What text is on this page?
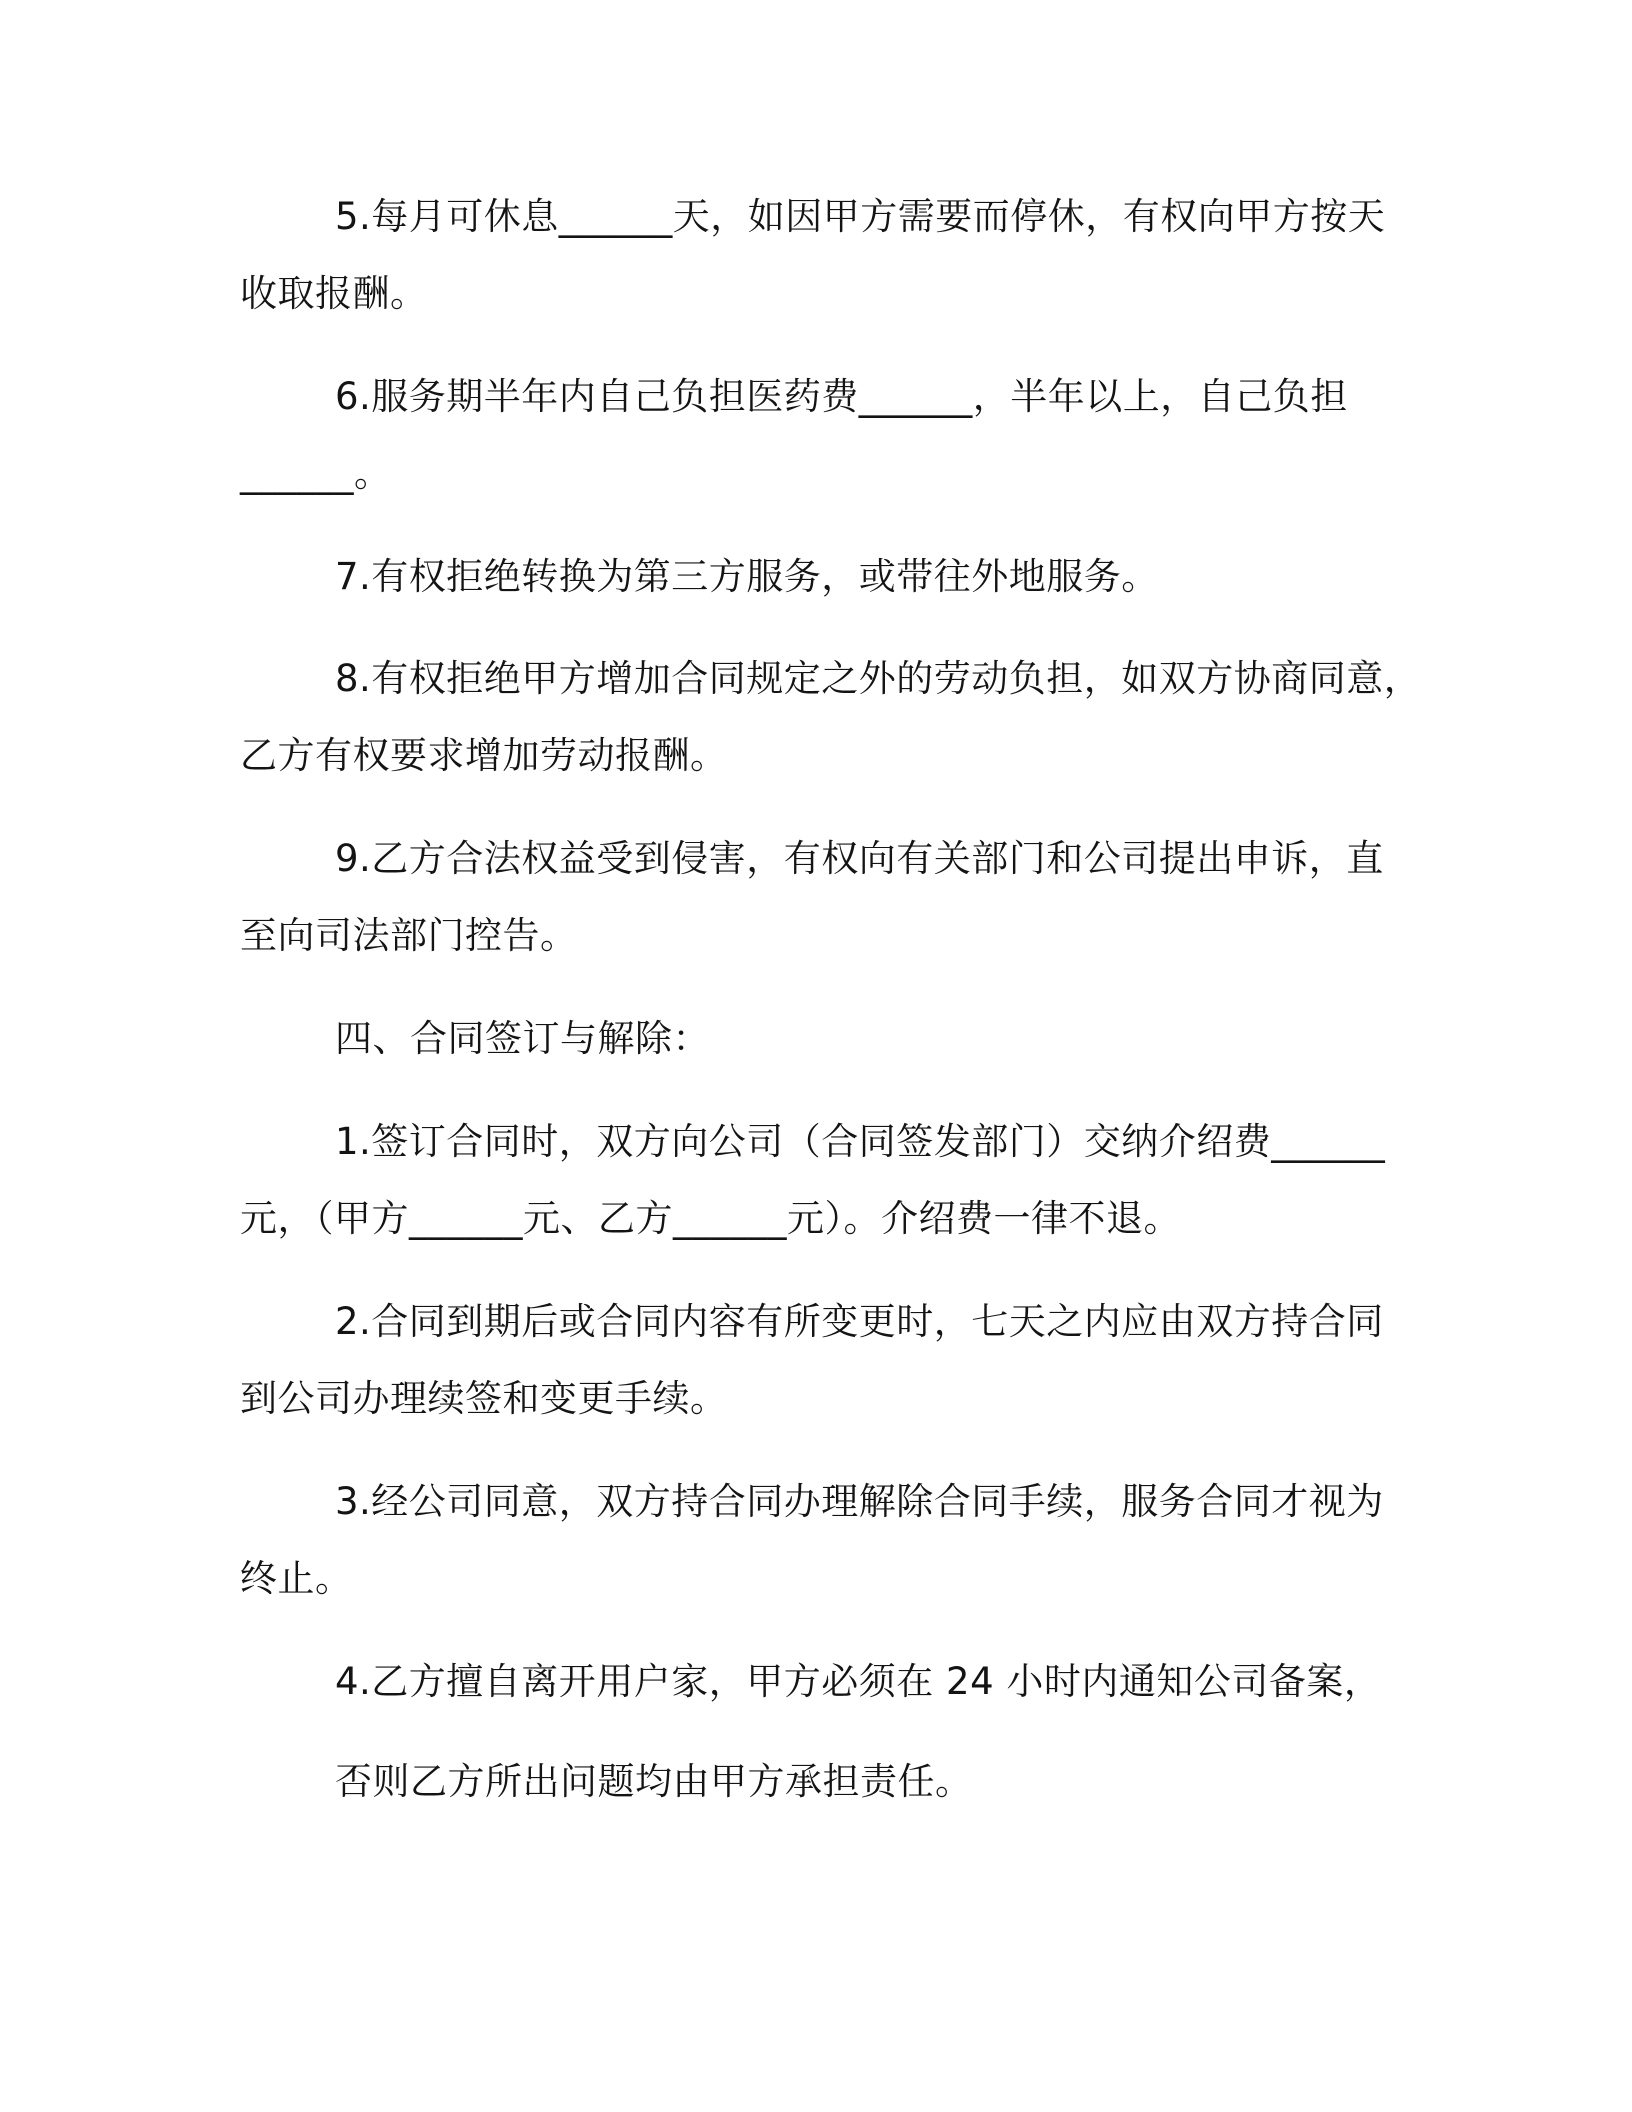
5.每月可休息______天，如因甲方需要而停休，有权向甲方按天

收取报酬。

6.服务期半年内自己负担医药费______，半年以上，自己负担

______。

7.有权拒绝转换为第三方服务，或带往外地服务。

8.有权拒绝甲方增加合同规定之外的劳动负担，如双方协商同意，

乙方有权要求增加劳动报酬。

9.乙方合法权益受到侵害，有权向有关部门和公司提出申诉，直

至向司法部门控告。

四、合同签订与解除：

1.签订合同时，双方向公司（合同签发部门）交纳介绍费______

元，（甲方______元、乙方______元）。介绍费一律不退。

2.合同到期后或合同内容有所变更时，七天之内应由双方持合同

到公司办理续签和变更手续。

3.经公司同意，双方持合同办理解除合同手续，服务合同才视为

终止。

4.乙方擅自离开用户家，甲方必须在 24 小时内通知公司备案，

否则乙方所出问题均由甲方承担责任。
